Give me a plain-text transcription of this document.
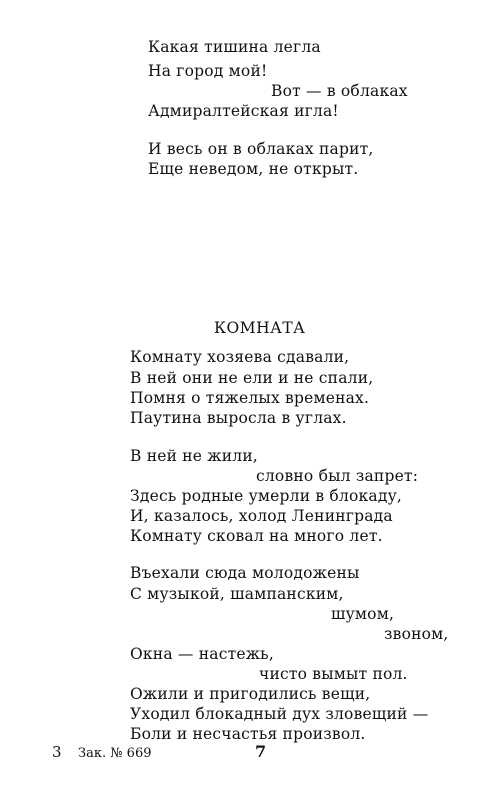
Какая тишина легла
На город мой!
Вот — в облаках
Адмиралтейская игла!
И весь он в облаках парит,
Еще неведом, не открыт.
КОМНАТА
Комнату хозяева сдавали,
В ней они не ели и не спали,
Помня о тяжелых временах.
Паутина выросла в углах.
В ней не жили,
словно был запрет:
Здесь родные умерли в блокаду,
И, казалось, холод Ленинграда
Комнату сковал на много лет.
Въехали сюда молодожены
С музыкой, шампанским,
шумом,
звоном,
Окна — настежь,
чисто вымыт пол.
Ожили и пригодились вещи,
Уходил блокадный дух зловещий —
Боли и несчастья произвол.
3 Зак. № 669	7
